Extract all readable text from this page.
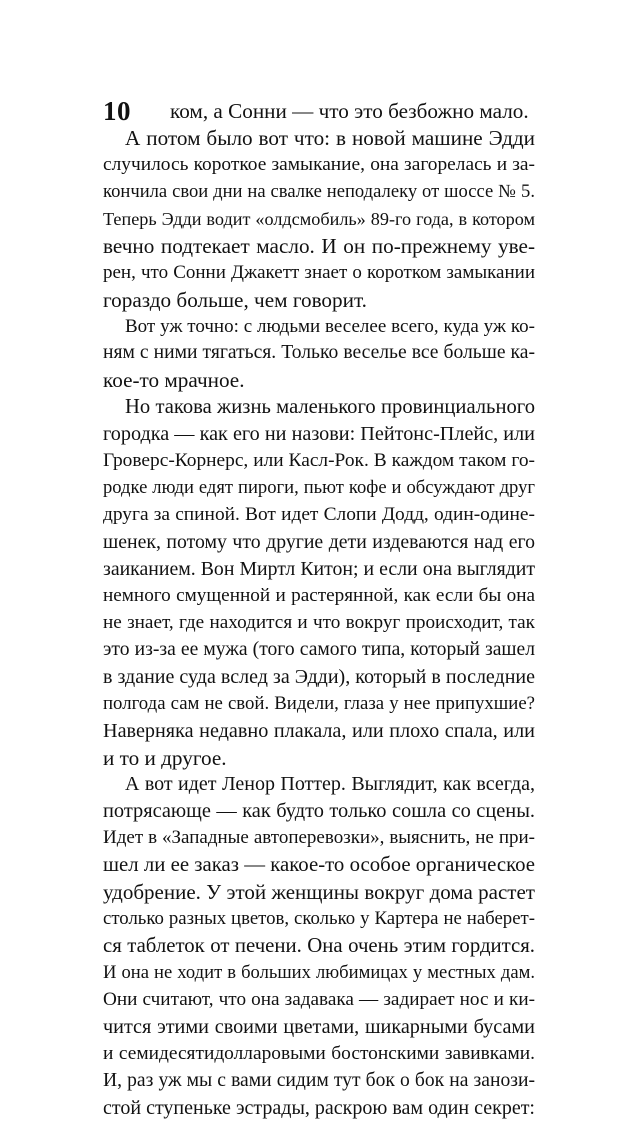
10	ком, а Сонни — что это безбожно мало.
А потом было вот что: в новой машине Эдди
случилось короткое замыкание, она загорелась и за-
кончила свои дни на свалке неподалеку от шоссе № 5.
Теперь Эдди водит «олдсмобиль» 89-го года, в котором
вечно подтекает масло. И он по-прежнему уве-
рен, что Сонни Джакетт знает о коротком замыкании
гораздо больше, чем говорит.
Вот уж точно: с людьми веселее всего, куда уж ко-
ням с ними тягаться. Только веселье все больше ка-
кое-то мрачное.
Но такова жизнь маленького провинциального
городка — как его ни назови: Пейтонс-Плейс, или
Гроверс-Корнерс, или Касл-Рок. В каждом таком го-
родке люди едят пироги, пьют кофе и обсуждают друг
друга за спиной. Вот идет Слопи Додд, один-одине-
шенек, потому что другие дети издеваются над его
заиканием. Вон Миртл Китон; и если она выглядит
немного смущенной и растерянной, как если бы она
не знает, где находится и что вокруг происходит, так
это из-за ее мужа (того самого типа, который зашел
в здание суда вслед за Эдди), который в последние
полгода сам не свой. Видели, глаза у нее припухшие?
Наверняка недавно плакала, или плохо спала, или
и то и другое.
А вот идет Ленор Поттер. Выглядит, как всегда,
потрясающе — как будто только сошла со сцены.
Идет в «Западные автоперевозки», выяснить, не при-
шел ли ее заказ — какое-то особое органическое
удобрение. У этой женщины вокруг дома растет
столько разных цветов, сколько у Картера не наберет-
ся таблеток от печени. Она очень этим гордится.
И она не ходит в больших любимицах у местных дам.
Они считают, что она задавака — задирает нос и ки-
чится этими своими цветами, шикарными бусами
и семидесятидолларовыми бостонскими завивками.
И, раз уж мы с вами сидим тут бок о бок на занози-
стой ступеньке эстрады, раскрою вам один секрет:
